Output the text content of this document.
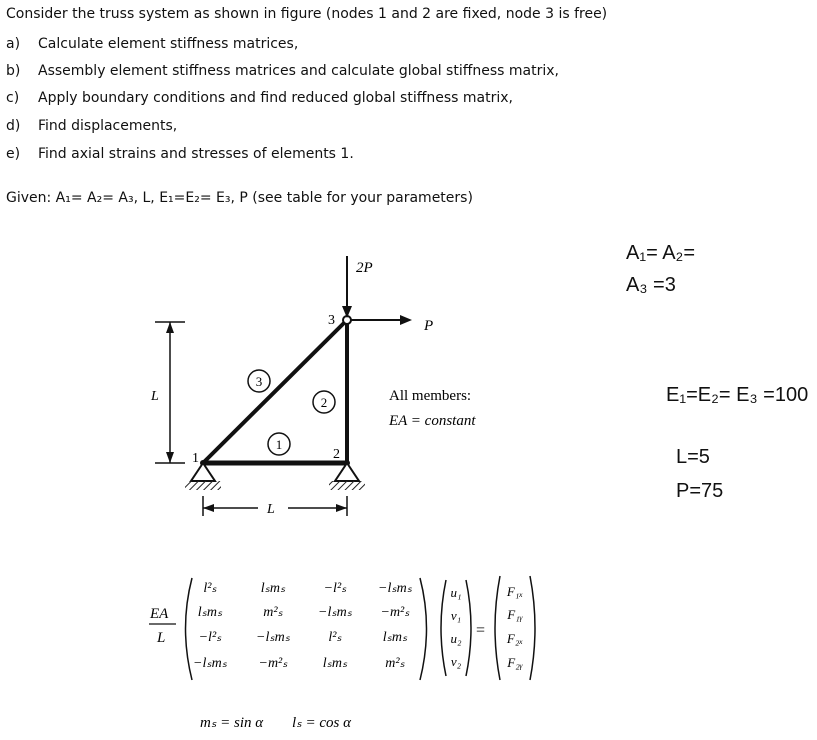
Consider the truss system as shown in figure (nodes 1 and 2 are fixed, node 3 is free)
a) Calculate element stiffness matrices,
b) Assembly element stiffness matrices and calculate global stiffness matrix,
c) Apply boundary conditions and find reduced global stiffness matrix,
d) Find displacements,
e) Find axial strains and stresses of elements 1.
Given: A₁= A₂= A₃, L, E₁=E₂= E₃, P (see table for your parameters)
A₁= A₂=
A₃ =3
E₁=E₂= E₃ =100
L=5
P=75
2P
P
1	2
3
3
2
1
L
L
All members:
EA = constant
EA
L
l²ₛ	lₛmₛ	−l²ₛ −lₛmₛ
lₛmₛ	m²ₛ	−lₛmₛ −m²ₛ
−l²ₛ −lₛmₛ	l²ₛ	lₛmₛ
−lₛmₛ −m²ₛ	lₛmₛ	m²ₛ
u₁
v₁
u₂
v₂
=
F₁ₓ
F₁ᵧ
F₂ₓ
F₂ᵧ
mₛ = sin α lₛ = cos α
